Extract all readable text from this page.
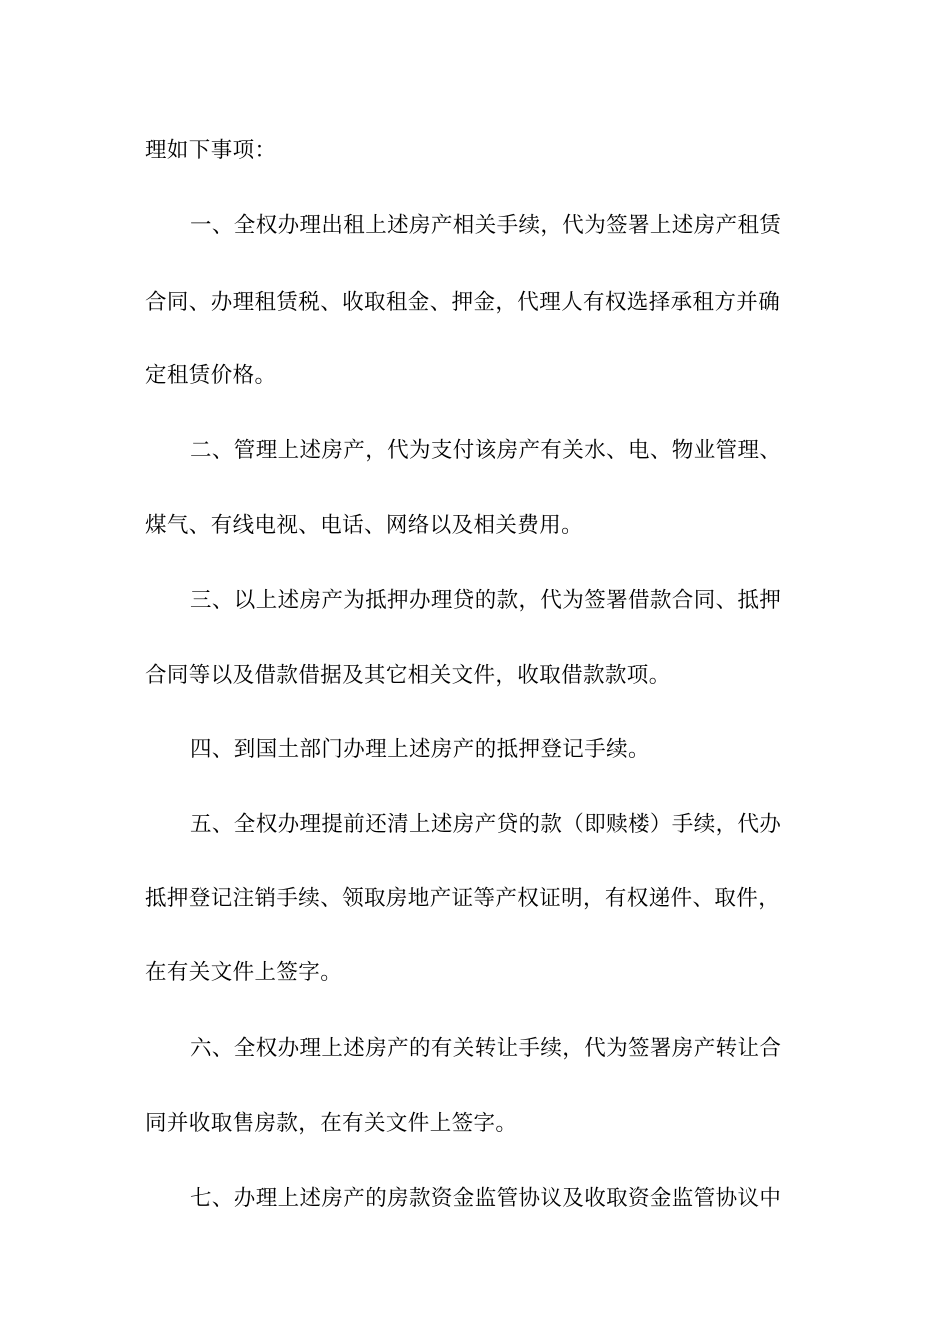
理如下事项：
一、全权办理出租上述房产相关手续，代为签署上述房产租赁
合同、办理租赁税、收取租金、押金，代理人有权选择承租方并确
定租赁价格。
二、管理上述房产，代为支付该房产有关水、电、物业管理、
煤气、有线电视、电话、网络以及相关费用。
三、以上述房产为抵押办理贷的款，代为签署借款合同、抵押
合同等以及借款借据及其它相关文件，收取借款款项。
四、到国土部门办理上述房产的抵押登记手续。
五、全权办理提前还清上述房产贷的款（即赎楼）手续，代办
抵押登记注销手续、领取房地产证等产权证明，有权递件、取件，
在有关文件上签字。
六、全权办理上述房产的有关转让手续，代为签署房产转让合
同并收取售房款，在有关文件上签字。
七、办理上述房产的房款资金监管协议及收取资金监管协议中
